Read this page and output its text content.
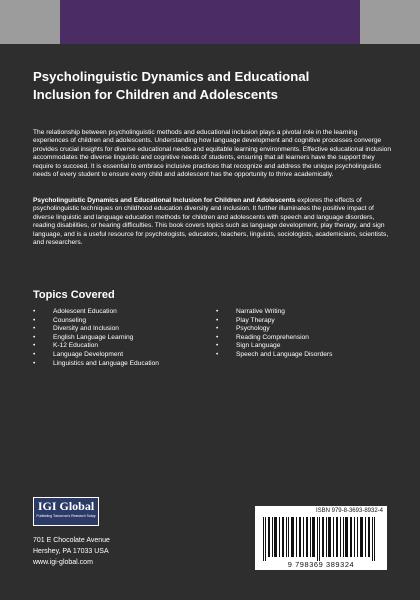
Psycholinguistic Dynamics and Educational
Inclusion for Children and Adolescents
The relationship between psycholinguistic methods and educational inclusion plays a pivotal role in the learning experiences of children and adolescents. Understanding how language development and cognitive processes converge provides crucial insights for diverse educational needs and equitable learning environments. Effective educational inclusion accommodates the diverse linguistic and cognitive needs of students, ensuring that all learners have the support they require to succeed. It is essential to embrace inclusive practices that recognize and address the unique psycholinguistic needs of every student to ensure every child and adolescent has the opportunity to thrive academically.
Psycholinguistic Dynamics and Educational Inclusion for Children and Adolescents explores the effects of psycholinguistic techniques on childhood education diversity and inclusion. It further illuminates the positive impact of diverse linguistic and language education methods for children and adolescents with speech and language disorders, reading disabilities, or hearing difficulties. This book covers topics such as language development, play therapy, and sign language, and is a useful resource for psychologists, educators, teachers, linguists, sociologists, academicians, scientists, and researchers.
Topics Covered
• Adolescent Education
• Counseling
• Diversity and Inclusion
• English Language Learning
• K-12 Education
• Language Development
• Linguistics and Language Education
• Narrative Writing
• Play Therapy
• Psychology
• Reading Comprehension
• Sign Language
• Speech and Language Disorders
IGI Global
Publishing Tomorrow's Research Today
701 E Chocolate Avenue
Hershey, PA 17033 USA
www.igi-global.com
ISBN 979-8-3693-8932-4
9 798369 389324
